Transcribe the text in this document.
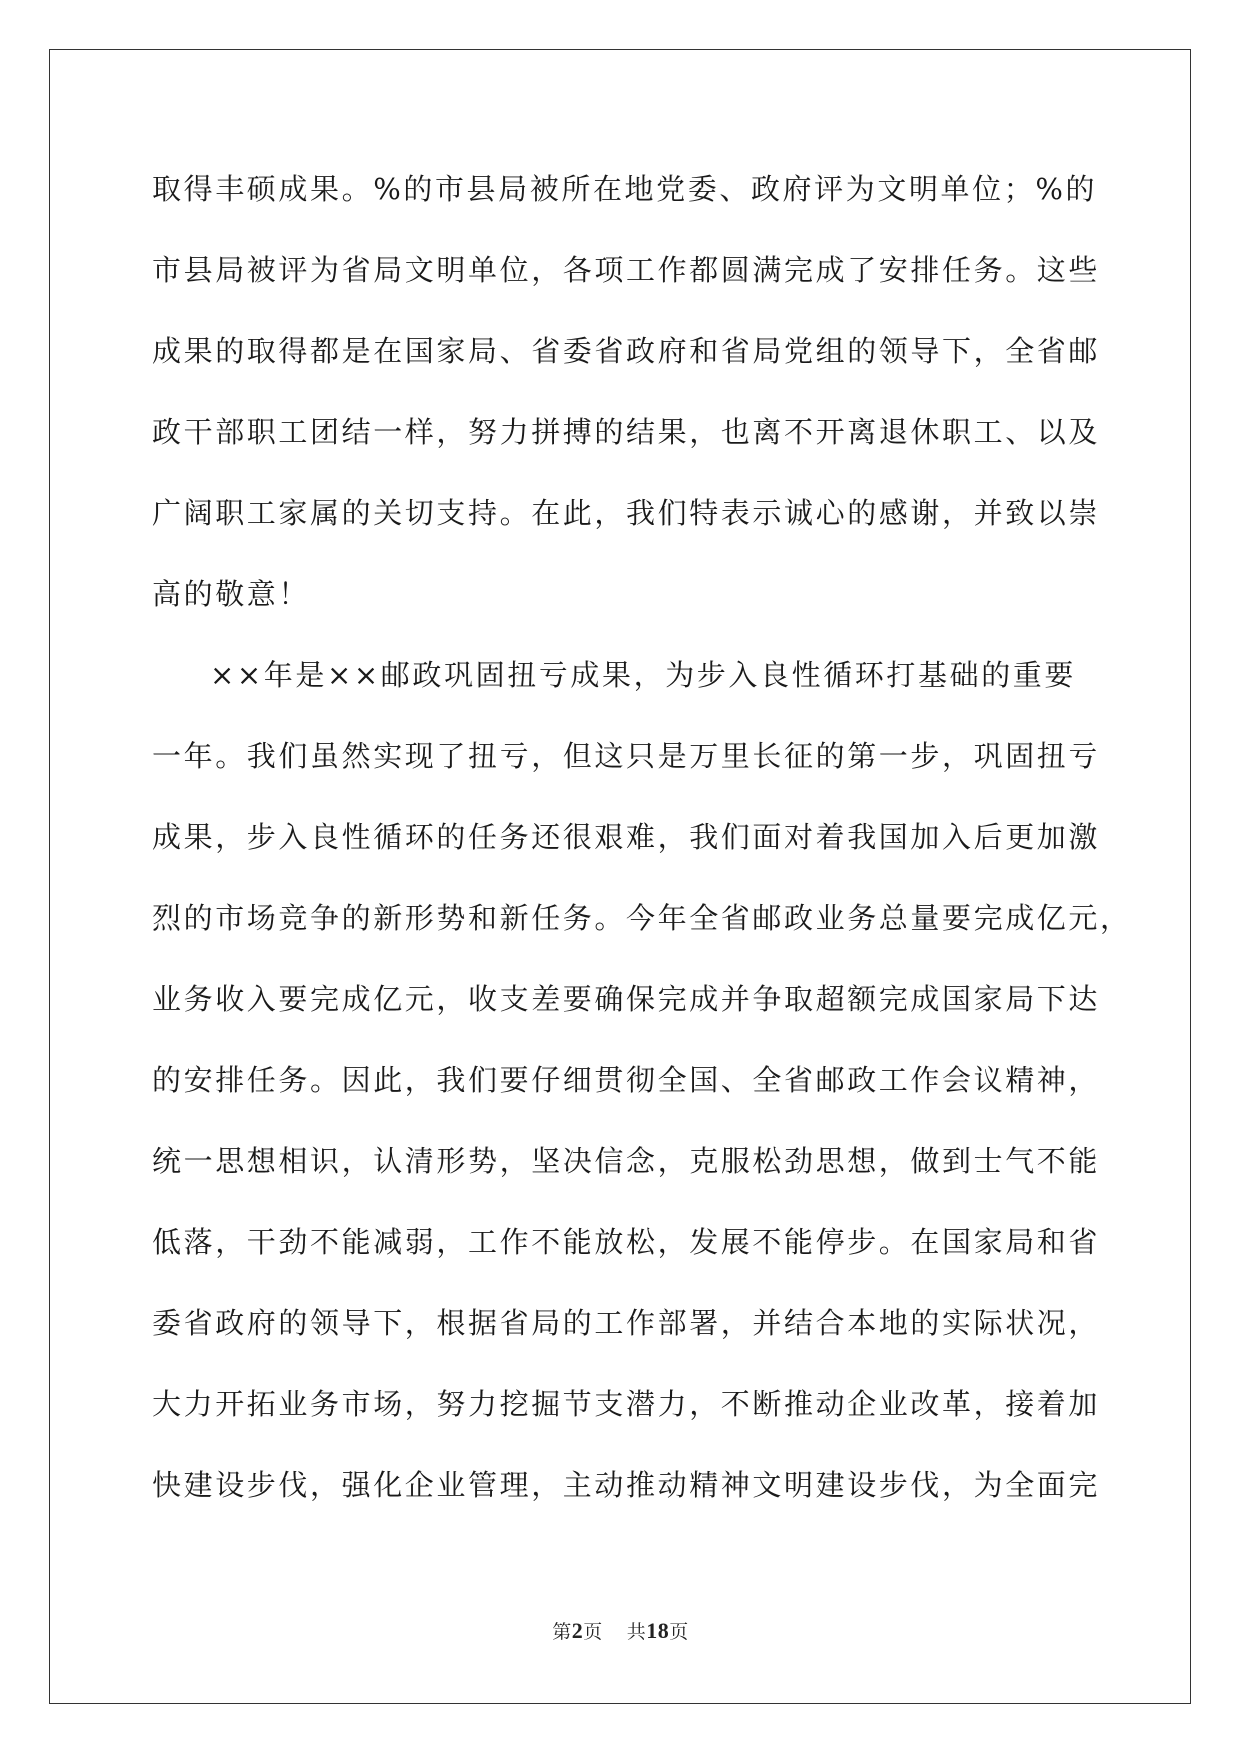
取得丰硕成果。%的市县局被所在地党委、政府评为文明单位；%的
市县局被评为省局文明单位，各项工作都圆满完成了安排任务。这些
成果的取得都是在国家局、省委省政府和省局党组的领导下，全省邮
政干部职工团结一样，努力拼搏的结果，也离不开离退休职工、以及
广阔职工家属的关切支持。在此，我们特表示诚心的感谢，并致以崇
高的敬意！
××年是××邮政巩固扭亏成果，为步入良性循环打基础的重要
一年。我们虽然实现了扭亏，但这只是万里长征的第一步，巩固扭亏
成果，步入良性循环的任务还很艰难，我们面对着我国加入后更加激
烈的市场竞争的新形势和新任务。今年全省邮政业务总量要完成亿元，
业务收入要完成亿元，收支差要确保完成并争取超额完成国家局下达
的安排任务。因此，我们要仔细贯彻全国、全省邮政工作会议精神，
统一思想相识，认清形势，坚决信念，克服松劲思想，做到士气不能
低落，干劲不能减弱，工作不能放松，发展不能停步。在国家局和省
委省政府的领导下，根据省局的工作部署，并结合本地的实际状况，
大力开拓业务市场，努力挖掘节支潜力，不断推动企业改革，接着加
快建设步伐，强化企业管理，主动推动精神文明建设步伐，为全面完
第2页 共18页
